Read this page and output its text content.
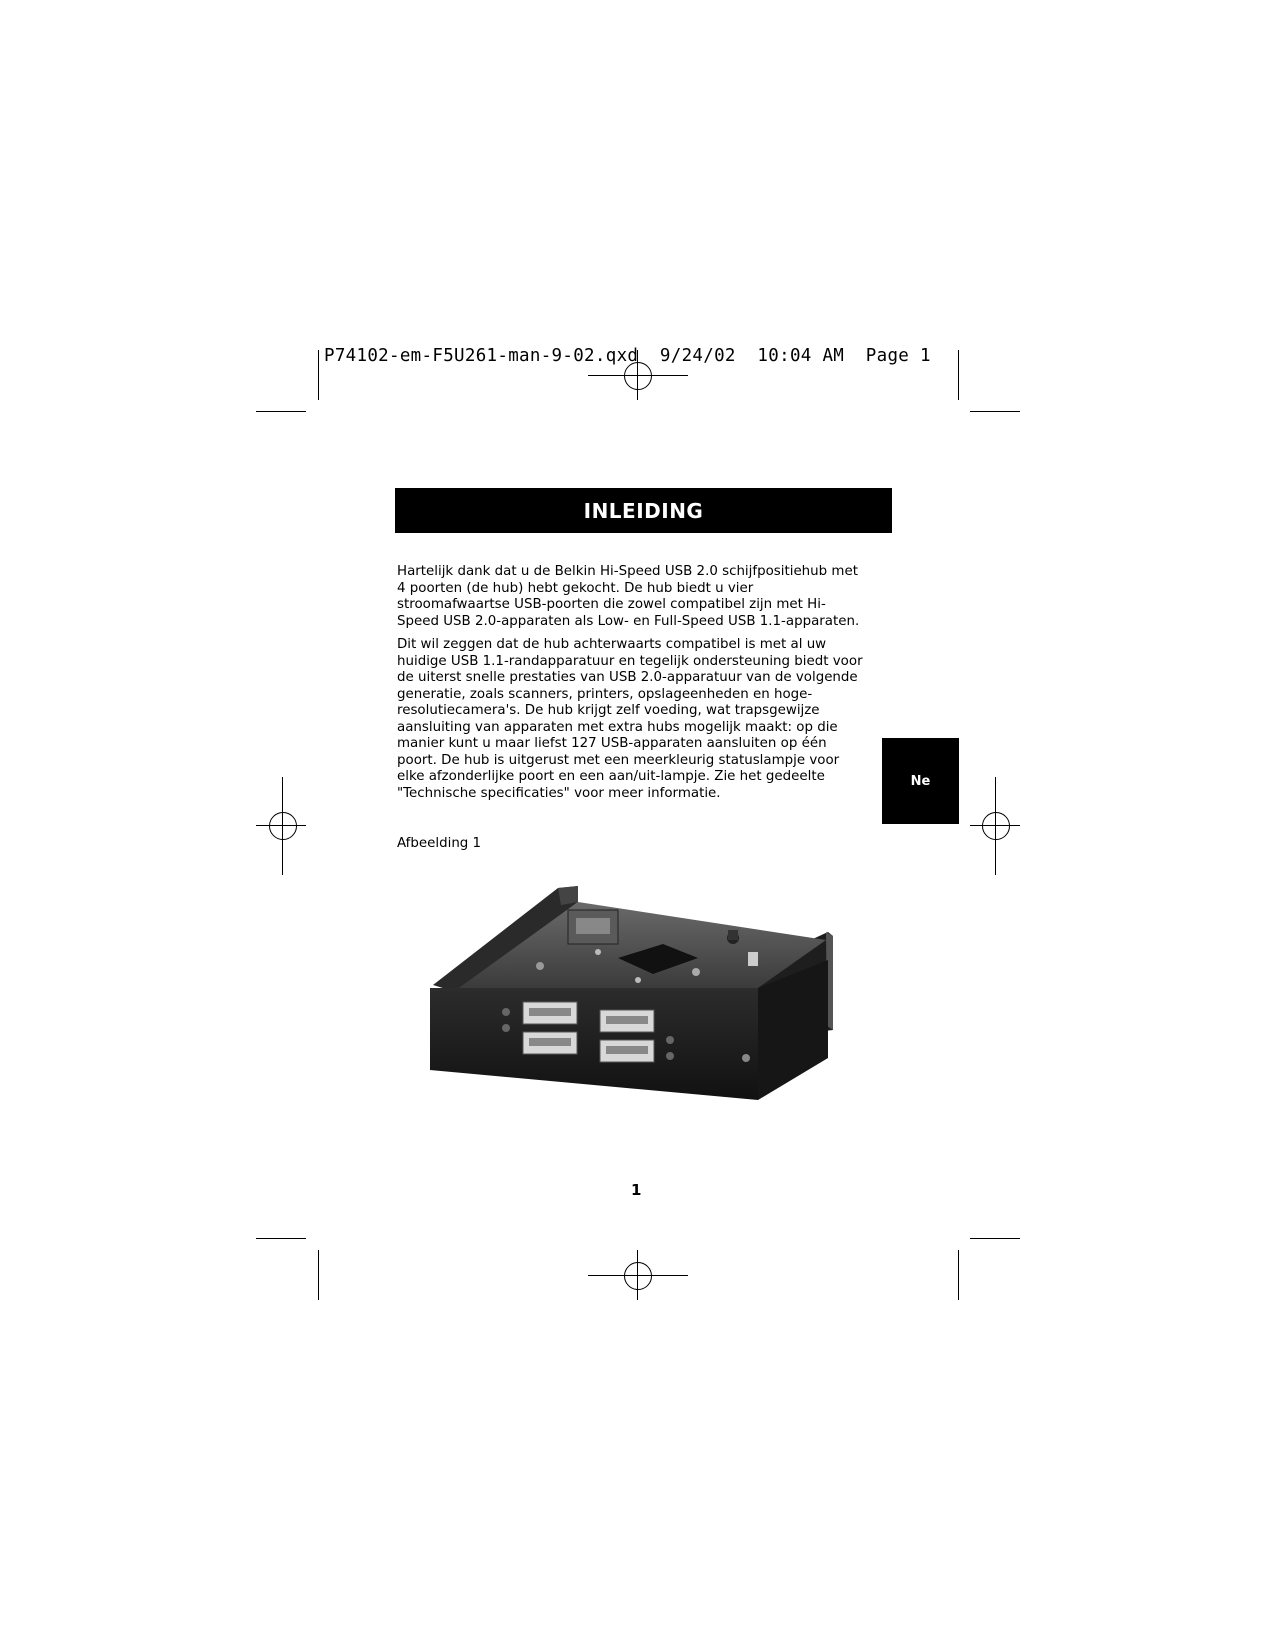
P74102-em-F5U261-man-9-02.qxd  9/24/02  10:04 AM  Page 1
INLEIDING

Hartelijk dank dat u de Belkin Hi-Speed USB 2.0 schijfpositiehub met 4 poorten (de hub) hebt gekocht. De hub biedt u vier stroomafwaartse USB-poorten die zowel compatibel zijn met Hi-Speed USB 2.0-apparaten als Low- en Full-Speed USB 1.1-apparaten.

Dit wil zeggen dat de hub achterwaarts compatibel is met al uw huidige USB 1.1-randapparatuur en tegelijk ondersteuning biedt voor de uiterst snelle prestaties van USB 2.0-apparatuur van de volgende generatie, zoals scanners, printers, opslageenheden en hoge-resolutiecamera's. De hub krijgt zelf voeding, wat trapsgewijze aansluiting van apparaten met extra hubs mogelijk maakt: op die manier kunt u maar liefst 127 USB-apparaten aansluiten op één poort. De hub is uitgerust met een meerkleurig statuslampje voor elke afzonderlijke poort en een aan/uit-lampje. Zie het gedeelte "Technische specificaties" voor meer informatie.

Ne
Afbeelding 1
1
